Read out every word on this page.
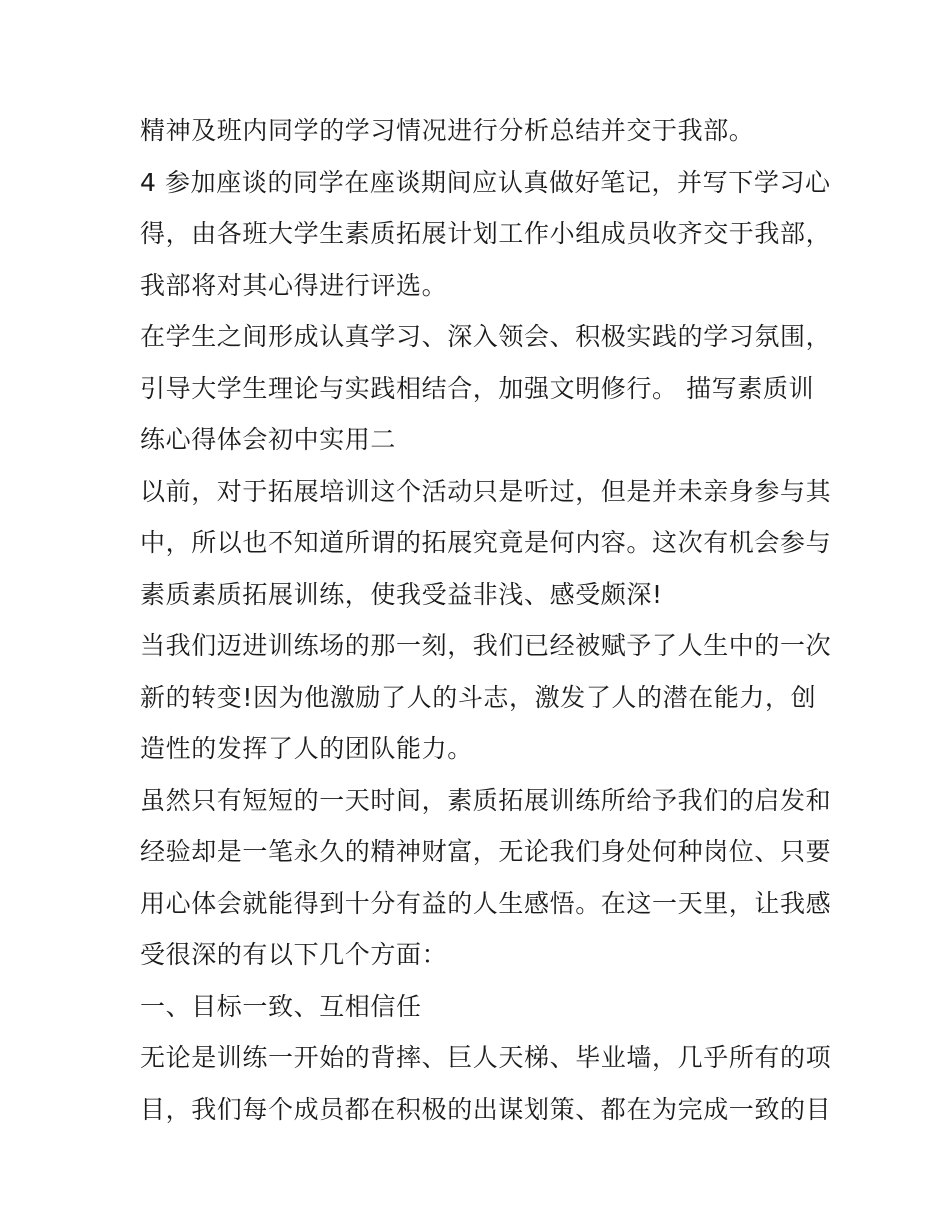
精神及班内同学的学习情况进行分析总结并交于我部。
4 参加座谈的同学在座谈期间应认真做好笔记，并写下学习心
得，由各班大学生素质拓展计划工作小组成员收齐交于我部，
我部将对其心得进行评选。
在学生之间形成认真学习、深入领会、积极实践的学习氛围，
引导大学生理论与实践相结合，加强文明修行。 描写素质训
练心得体会初中实用二
以前，对于拓展培训这个活动只是听过，但是并未亲身参与其
中，所以也不知道所谓的拓展究竟是何内容。这次有机会参与
素质素质拓展训练，使我受益非浅、感受颇深!
当我们迈进训练场的那一刻，我们已经被赋予了人生中的一次
新的转变!因为他激励了人的斗志，激发了人的潜在能力，创
造性的发挥了人的团队能力。
虽然只有短短的一天时间，素质拓展训练所给予我们的启发和
经验却是一笔永久的精神财富，无论我们身处何种岗位、只要
用心体会就能得到十分有益的人生感悟。在这一天里，让我感
受很深的有以下几个方面：
一、目标一致、互相信任
无论是训练一开始的背摔、巨人天梯、毕业墙，几乎所有的项
目，我们每个成员都在积极的出谋划策、都在为完成一致的目
